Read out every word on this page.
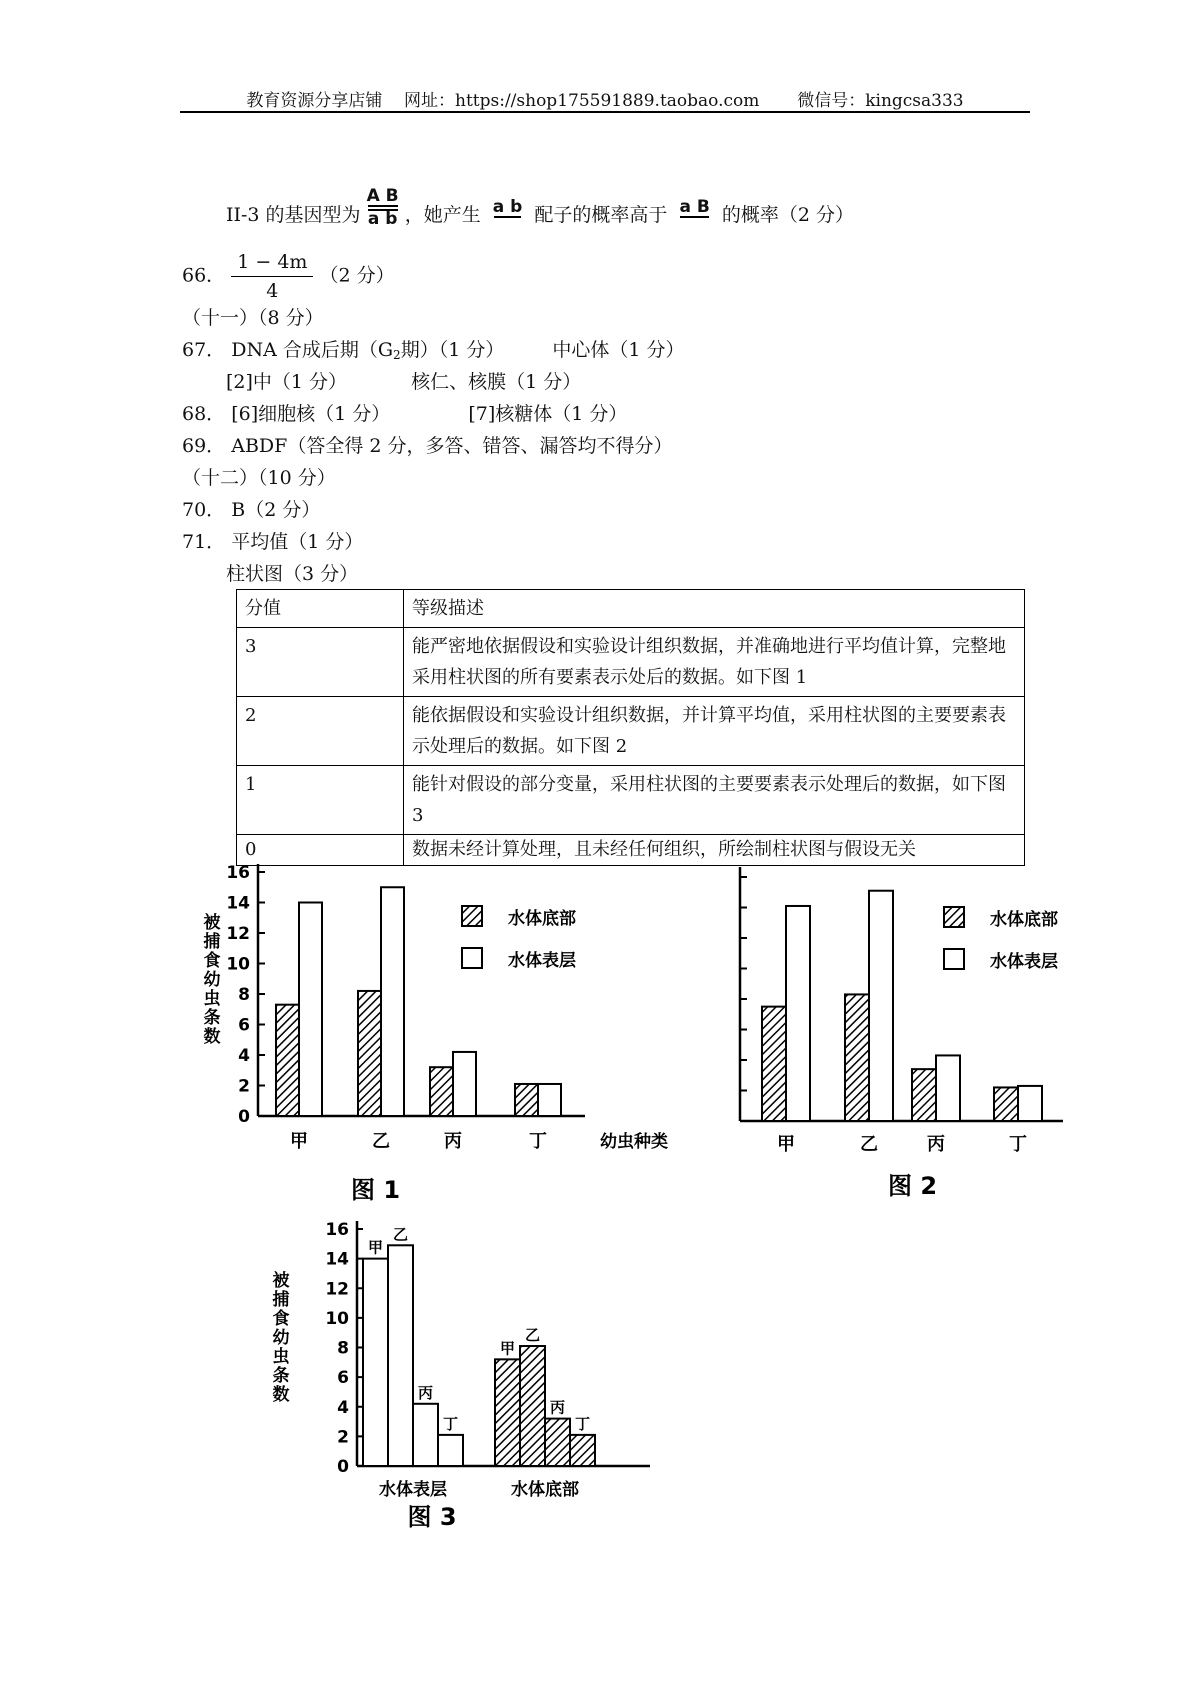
教育资源分享店铺 网址：https://shop175591889.taobao.com 微信号：kingcsa333
II-3 的基因型为 $\frac{\text{A B}}{\text{a b}}$ ，她产生 a b 配子的概率高于 a B 的概率（2 分）
66． $\frac{1 - 4m}{4} (2$ 分）
（十一）（8 分）
67． DNA 合成后期（$G_2$期）（1 分）	中心体（1 分）
[2]中（1 分）	核仁、核膜（1 分）
68． [6]细胞核（1 分）	[7]核糖体（1 分）
69． ABDF（答全得 2 分，多答、错答、漏答均不得分）
（十二）（10 分）
70． B（2 分）
71． 平均值（1 分）
柱状图（3 分）
分值	等级描述
3	能严密地依据假设和实验设计组织数据，并准确地进行平均值计算，完整地采用柱状图的所有要素表示处后的数据。如下图 1
2	能依据假设和实验设计组织数据，并计算平均值，采用柱状图的主要要素表示处理后的数据。如下图 2
1	能针对假设的部分变量，采用柱状图的主要要素表示处理后的数据，如下图 3
0	数据未经计算处理，且未经任何组织，所绘制柱状图与假设无关
0
2
4
6
8
10
12
14
16
被捕食幼虫条数
甲	乙	丙	丁	幼虫种类
水体底部
水体表层
图 1
甲	乙	丙	丁
水体底部
水体表层
图 2
0
2
4
6
8
10
12
14
16
被捕食幼虫条数
甲
乙
丙
丁
水体表层
甲
乙
丙
丁
水体底部
图 3
